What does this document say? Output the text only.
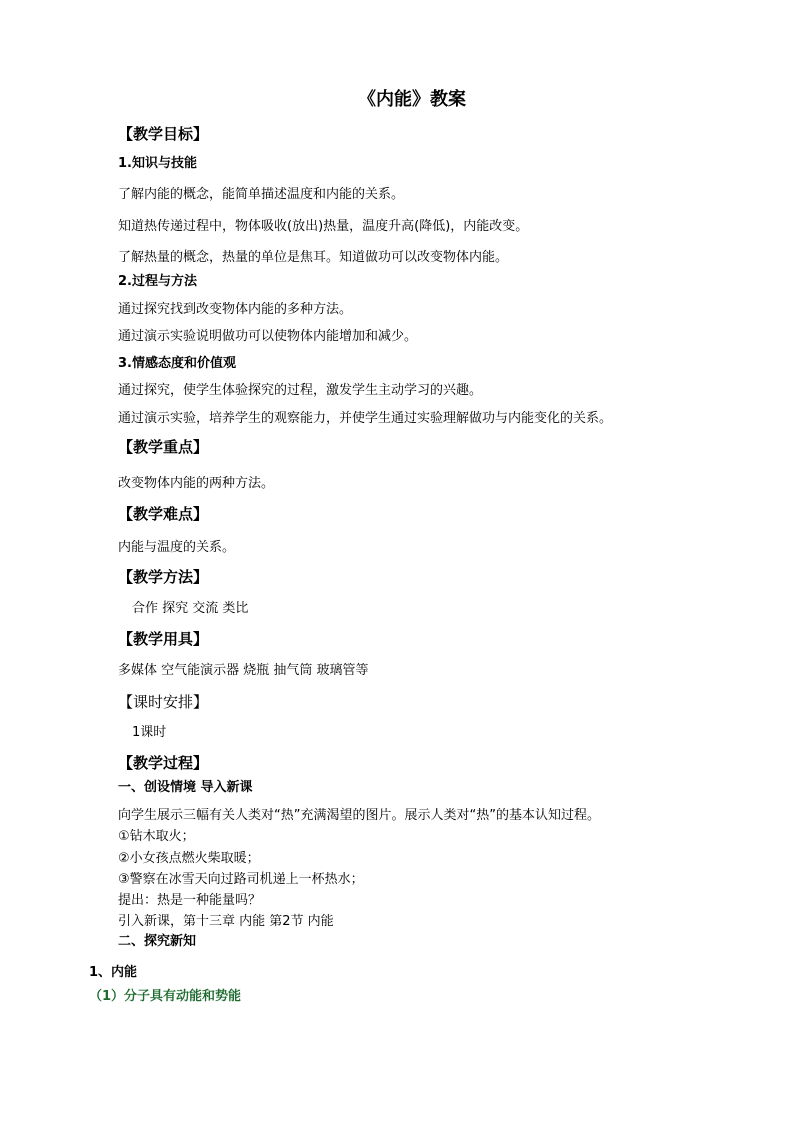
《内能》教案
【教学目标】
1.知识与技能
了解内能的概念，能简单描述温度和内能的关系。
知道热传递过程中，物体吸收(放出)热量，温度升高(降低)，内能改变。
了解热量的概念，热量的单位是焦耳。知道做功可以改变物体内能。
2.过程与方法
通过探究找到改变物体内能的多种方法。
通过演示实验说明做功可以使物体内能增加和减少。
3.情感态度和价值观
通过探究，使学生体验探究的过程，激发学生主动学习的兴趣。
通过演示实验，培养学生的观察能力，并使学生通过实验理解做功与内能变化的关系。
【教学重点】
改变物体内能的两种方法。
【教学难点】
内能与温度的关系。
【教学方法】
合作 探究 交流 类比
【教学用具】
多媒体 空气能演示器 烧瓶 抽气筒 玻璃管等
【课时安排】
1课时
【教学过程】
一、创设情境 导入新课
向学生展示三幅有关人类对“热”充满渴望的图片。展示人类对“热”的基本认知过程。
①钻木取火；
②小女孩点燃火柴取暖；
③警察在冰雪天向过路司机递上一杯热水；
提出：热是一种能量吗？
引入新课，第十三章 内能 第2节 内能
二、探究新知
1、内能
（1）分子具有动能和势能
